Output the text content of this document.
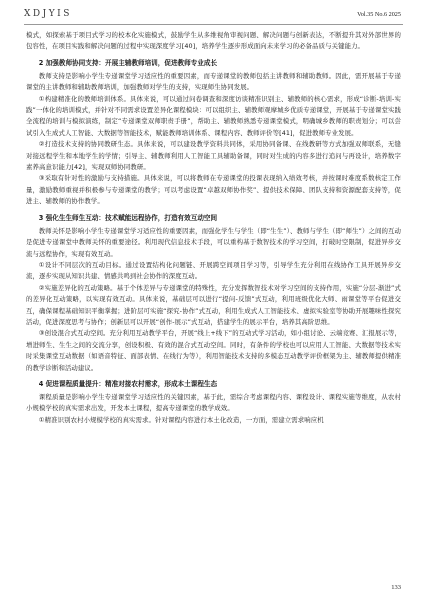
XDJYIS	Vol.35 No.6 2025

模式，如探索基于项目式学习的校本化实施模式，鼓励学生从多维视角审视问题、解决问题与创新表达，不断提升其对外部世界的包容性，在项目实践和解决问题的过程中实现深度学习[40]，培养学生逐步形成面向未来学习的必备品质与关键能力。

2 加强教师协同支持：开展主辅教师培训，促进教师专业成长

教师支持是影响小学生专递课堂学习适应性的重要因素，而专递课堂的教师包括主讲教师和辅助教师。因此，需开展基于专递课堂的主讲教师和辅助教师培训，加强教师对学生的支持，实现师生协同发展。

①构建精准化的教师培训体系。具体来说，可以通过问卷调查和深度访谈精准识别主、辅教师的核心需求，形成“诊断-培训-实践”一体化的培训模式，并针对不同需求设置差异化课程模块：可以组织主、辅教师观摩城乡优质专递课堂，开展基于专递课堂实践全流程的培训与模拟演练，制定“专递课堂双师职责手册”，帮助主、辅教师熟悉专递课堂模式，明确城乡教师的职责划分；可以尝试引入生成式人工智能、大数据等智能技术，赋能教师培训体系、课程内容、教师评价等[41]，促进教师专业发展。

②打造技术支持的协同教研生态。具体来说，可以建设教学资料共同体，采用协同备课、在线教研等方式加强双师联系，无缝对接远程学生和本地学生的学情；引导主、辅教师利用人工智能工具辅助备课，同时对生成的内容多进行追问与再设计，培养数字素养高意识能力[42]，实现双师协同教研。

③采取有针对性的激励与支持措施。具体来说，可以将教师在专递课堂的投课表现纳入绩效考核，并按课时难度系数核定工作量，激励教师重视并积极参与专递课堂的教学；可以考虑设置“卓越双师协作奖”、提供技术保障、团队支持和资源配套支持等，促进主、辅教师的协作教学。

3 强化生生师生互动：技术赋能远程协作，打造有效互动空间

教师关怀是影响小学生专递课堂学习适应性的重要因素，而强化学生与学生（即“生生”）、教师与学生（即“师生”）之间的互动是促进专递课堂中教师关怀的重要途径。利用现代信息技术手段，可以重构基于数智技术的学习空间，打破时空限制，促进异步交流与远程协作，实现有效互动。

①设计不同层次的互动目标。通过设置结构化问题链、开展跨空间项目学习等，引导学生充分利用在线协作工具开展异步交流，逐步实现从知识共建、情感共鸣到社会协作的深度互动。

②实施差异化的互动策略。基于个体差异与专递课堂的特殊性，充分发挥数智技术对学习空间的支持作用，实施“分层-渐进”式的差异化互动策略，以实现有效互动。具体来说，基础层可以进行“提问-反馈”式互动，利用班级优化大师、雨课堂等平台促进交互，确保课程基础知识平衡掌握；进阶层可实施“探究-协作”式互动，利用生成式人工智能技术、虚拟实验室等协助开展趣味性探究活动，促进深度思考与协作；创新层可以开展“创作-展示”式互动，搭建学生的展示平台，培养其高阶思维。

③创设混合式互动空间。充分利用互动教学平台，开展“线上+线下”的互动式学习活动，如小组讨论、云端竞赛、汇报展示等，增进师生、生生之间的交流分享，创设积极、有效的混合式互动空间。同时，有条件的学校也可以应用人工智能、大数据等技术实时采集课堂互动数据（如语音特征、面部表情、在线行为等），利用智能技术支持的多模态互动教学评价框架为主、辅教师提供精准的教学诊断和活动建议。

4 促进课程质量提升：精准对接农村需求，形成本土课程生态

课程质量是影响小学生专递课堂学习适应性的关键因素，基于此，需综合考虑课程内容、课程设计、课程实施等维度，从农村小规模学校的真实需求出发，开发本土课程，提高专递课堂的教学成效。

①精准识别农村小规模学校的真实需求。针对课程内容进行本土化改造，一方面，需建立需求响应机

133
